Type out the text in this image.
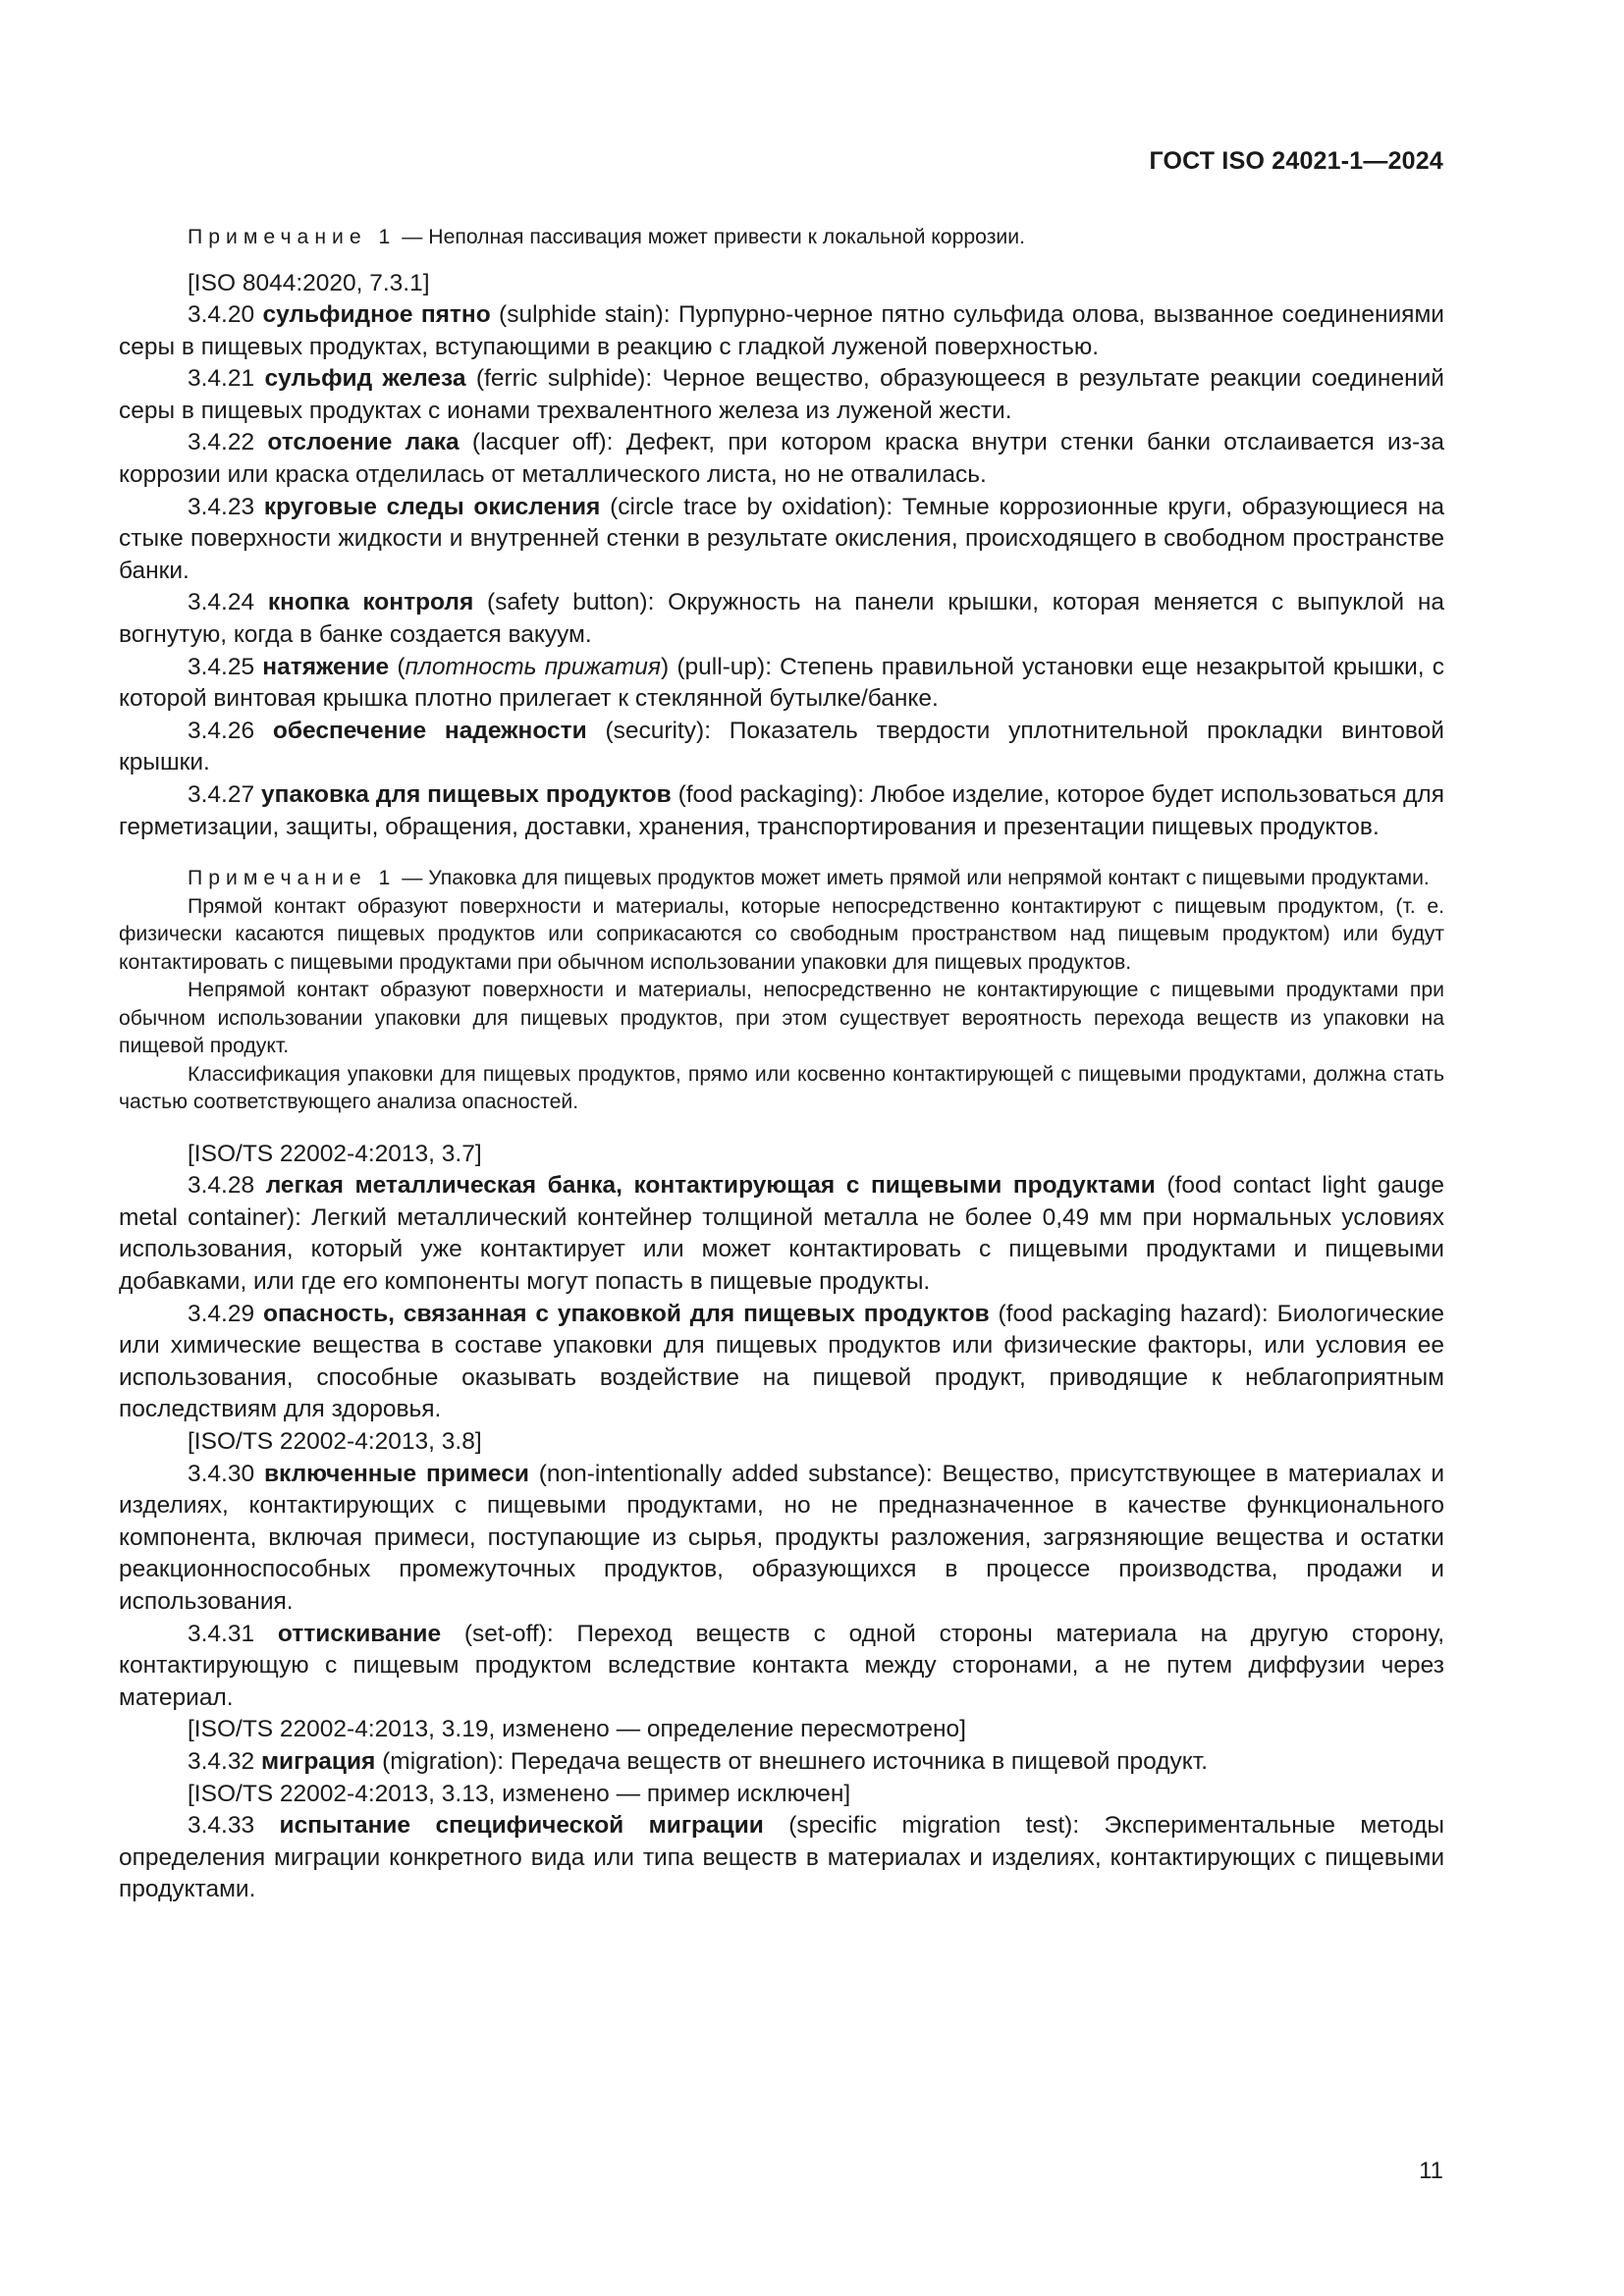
ГОСТ ISO 24021-1—2024

Примечание 1 — Неполная пассивация может привести к локальной коррозии.

[ISO 8044:2020, 7.3.1]

3.4.20 сульфидное пятно (sulphide stain): Пурпурно-черное пятно сульфида олова, вызванное соединениями серы в пищевых продуктах, вступающими в реакцию с гладкой луженой поверхностью.

3.4.21 сульфид железа (ferric sulphide): Черное вещество, образующееся в результате реакции соединений серы в пищевых продуктах с ионами трехвалентного железа из луженой жести.

3.4.22 отслоение лака (lacquer off): Дефект, при котором краска внутри стенки банки отслаивается из-за коррозии или краска отделилась от металлического листа, но не отвалилась.

3.4.23 круговые следы окисления (circle trace by oxidation): Темные коррозионные круги, образующиеся на стыке поверхности жидкости и внутренней стенки в результате окисления, происходящего в свободном пространстве банки.

3.4.24 кнопка контроля (safety button): Окружность на панели крышки, которая меняется с выпуклой на вогнутую, когда в банке создается вакуум.

3.4.25 натяжение (плотность прижатия) (pull-up): Степень правильной установки еще незакрытой крышки, с которой винтовая крышка плотно прилегает к стеклянной бутылке/банке.

3.4.26 обеспечение надежности (security): Показатель твердости уплотнительной прокладки винтовой крышки.

3.4.27 упаковка для пищевых продуктов (food packaging): Любое изделие, которое будет использоваться для герметизации, защиты, обращения, доставки, хранения, транспортирования и презентации пищевых продуктов.

Примечание 1 — Упаковка для пищевых продуктов может иметь прямой или непрямой контакт с пищевыми продуктами.

Прямой контакт образуют поверхности и материалы, которые непосредственно контактируют с пищевым продуктом, (т. е. физически касаются пищевых продуктов или соприкасаются со свободным пространством над пищевым продуктом) или будут контактировать с пищевыми продуктами при обычном использовании упаковки для пищевых продуктов.

Непрямой контакт образуют поверхности и материалы, непосредственно не контактирующие с пищевыми продуктами при обычном использовании упаковки для пищевых продуктов, при этом существует вероятность перехода веществ из упаковки на пищевой продукт.

Классификация упаковки для пищевых продуктов, прямо или косвенно контактирующей с пищевыми продуктами, должна стать частью соответствующего анализа опасностей.

[ISO/TS 22002-4:2013, 3.7]

3.4.28 легкая металлическая банка, контактирующая с пищевыми продуктами (food contact light gauge metal container): Легкий металлический контейнер толщиной металла не более 0,49 мм при нормальных условиях использования, который уже контактирует или может контактировать с пищевыми продуктами и пищевыми добавками, или где его компоненты могут попасть в пищевые продукты.

3.4.29 опасность, связанная с упаковкой для пищевых продуктов (food packaging hazard): Биологические или химические вещества в составе упаковки для пищевых продуктов или физические факторы, или условия ее использования, способные оказывать воздействие на пищевой продукт, приводящие к неблагоприятным последствиям для здоровья.

[ISO/TS 22002-4:2013, 3.8]

3.4.30 включенные примеси (non-intentionally added substance): Вещество, присутствующее в материалах и изделиях, контактирующих с пищевыми продуктами, но не предназначенное в качестве функционального компонента, включая примеси, поступающие из сырья, продукты разложения, загрязняющие вещества и остатки реакционноспособных промежуточных продуктов, образующихся в процессе производства, продажи и использования.

3.4.31 оттискивание (set-off): Переход веществ с одной стороны материала на другую сторону, контактирующую с пищевым продуктом вследствие контакта между сторонами, а не путем диффузии через материал.

[ISO/TS 22002-4:2013, 3.19, изменено — определение пересмотрено]

3.4.32 миграция (migration): Передача веществ от внешнего источника в пищевой продукт.

[ISO/TS 22002-4:2013, 3.13, изменено — пример исключен]

3.4.33 испытание специфической миграции (specific migration test): Экспериментальные методы определения миграции конкретного вида или типа веществ в материалах и изделиях, контактирующих с пищевыми продуктами.

11
